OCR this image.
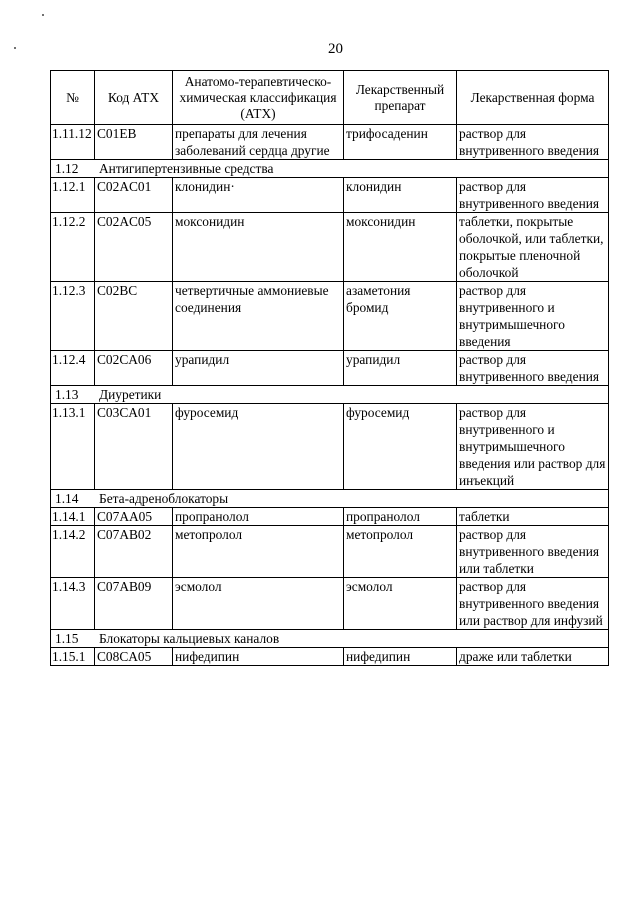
20
№	Код АТХ	Анатомо-терапевтическо-химическая классификация (АТХ)	Лекарственный препарат	Лекарственная форма
1.11.12	C01EB	препараты для лечения заболеваний сердца другие	трифосаденин	раствор для внутривенного введения
1.12 Антигипертензивные средства				
1.12.1	C02AC01	клонидин·	клонидин	раствор для внутривенного введения
1.12.2	C02AC05	моксонидин	моксонидин	таблетки, покрытые оболочкой, или таблетки, покрытые пленочной оболочкой
1.12.3	C02BC	четвертичные аммониевые соединения	азаметония бромид	раствор для внутривенного и внутримышечного введения
1.12.4	C02CA06	урапидил	урапидил	раствор для внутривенного введения
1.13 Диуретики				
1.13.1	C03CA01	фуросемид	фуросемид	раствор для внутривенного и внутримышечного введения или раствор для инъекций
1.14 Бета-адреноблокаторы				
1.14.1	C07AA05	пропранолол	пропранолол	таблетки
1.14.2	C07AB02	метопролол	метопролол	раствор для внутривенного введения или таблетки
1.14.3	C07AB09	эсмолол	эсмолол	раствор для внутривенного введения или раствор для инфузий
1.15 Блокаторы кальциевых каналов				
1.15.1	C08CA05	нифедипин	нифедипин	драже или таблетки
